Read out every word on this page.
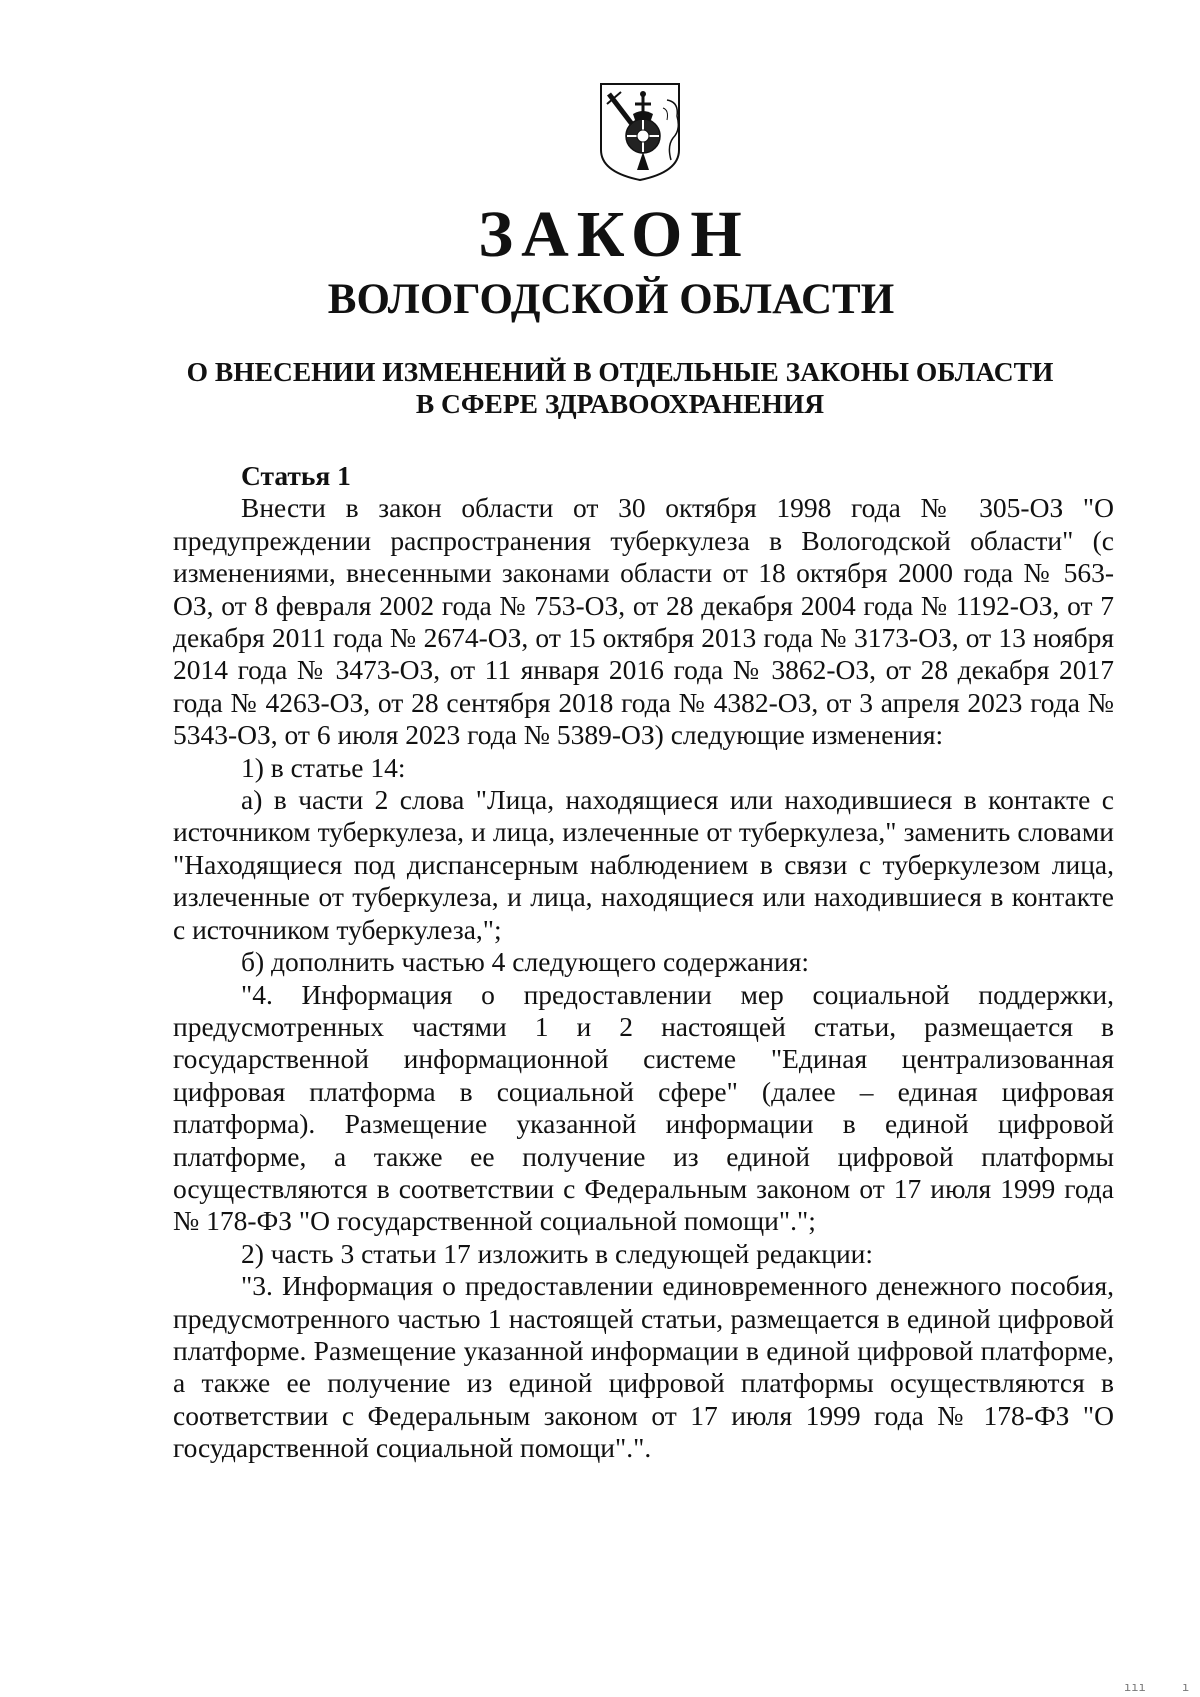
ЗАКОН
ВОЛОГОДСКОЙ ОБЛАСТИ
О ВНЕСЕНИИ ИЗМЕНЕНИЙ В ОТДЕЛЬНЫЕ ЗАКОНЫ ОБЛАСТИ
В СФЕРЕ ЗДРАВООХРАНЕНИЯ

Статья 1

Внести в закон области от 30 октября 1998 года № 305-ОЗ "О предупреждении распространения туберкулеза в Вологодской области" (с изменениями, внесенными законами области от 18 октября 2000 года № 563-ОЗ, от 8 февраля 2002 года № 753-ОЗ, от 28 декабря 2004 года № 1192-ОЗ, от 7 декабря 2011 года № 2674-ОЗ, от 15 октября 2013 года № 3173-ОЗ, от 13 ноября 2014 года № 3473-ОЗ, от 11 января 2016 года № 3862-ОЗ, от 28 декабря 2017 года № 4263-ОЗ, от 28 сентября 2018 года № 4382-ОЗ, от 3 апреля 2023 года № 5343-ОЗ, от 6 июля 2023 года № 5389-ОЗ) следующие изменения:

1) в статье 14:

а) в части 2 слова "Лица, находящиеся или находившиеся в контакте с источником туберкулеза, и лица, излеченные от туберкулеза," заменить словами "Находящиеся под диспансерным наблюдением в связи с туберкулезом лица, излеченные от туберкулеза, и лица, находящиеся или находившиеся в контакте с источником туберкулеза,";

б) дополнить частью 4 следующего содержания:

"4. Информация о предоставлении мер социальной поддержки, предусмотренных частями 1 и 2 настоящей статьи, размещается в государственной информационной системе "Единая централизованная цифровая платформа в социальной сфере" (далее – единая цифровая платформа). Размещение указанной информации в единой цифровой платформе, а также ее получение из единой цифровой платформы осуществляются в соответствии с Федеральным законом от 17 июля 1999 года № 178-ФЗ "О государственной социальной помощи".";

2) часть 3 статьи 17 изложить в следующей редакции:

"3. Информация о предоставлении единовременного денежного пособия, предусмотренного частью 1 настоящей статьи, размещается в единой цифровой платформе. Размещение указанной информации в единой цифровой платформе, а также ее получение из единой цифровой платформы осуществляются в соответствии с Федеральным законом от 17 июля 1999 года № 178-ФЗ "О государственной социальной помощи".".

ııı	ı
